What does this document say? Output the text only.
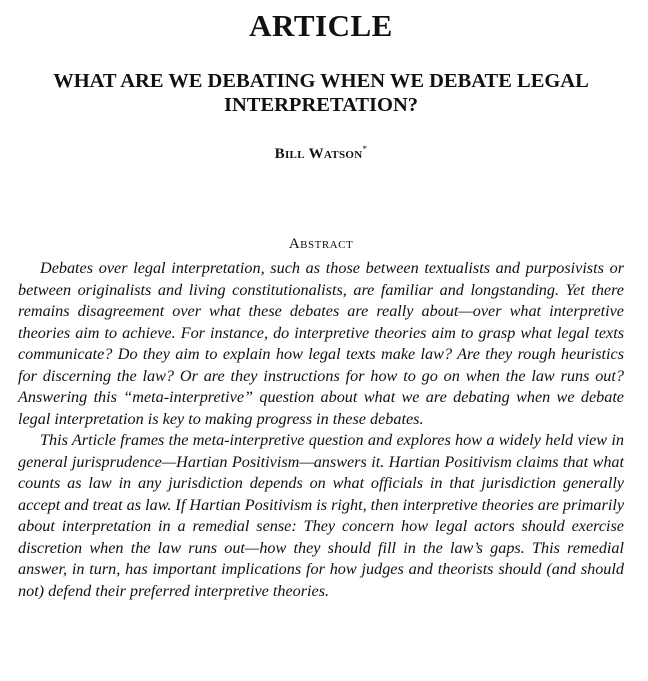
ARTICLE
WHAT ARE WE DEBATING WHEN WE DEBATE LEGAL INTERPRETATION?
Bill Watson*
Abstract

Debates over legal interpretation, such as those between textualists and purposivists or between originalists and living constitutionalists, are familiar and longstanding. Yet there remains disagreement over what these debates are really about—over what interpretive theories aim to achieve. For instance, do interpretive theories aim to grasp what legal texts communicate? Do they aim to explain how legal texts make law? Are they rough heuristics for discerning the law? Or are they instructions for how to go on when the law runs out? Answering this “meta-interpretive” question about what we are debating when we debate legal interpretation is key to making progress in these debates.

This Article frames the meta-interpretive question and explores how a widely held view in general jurisprudence—Hartian Positivism—answers it. Hartian Positivism claims that what counts as law in any jurisdiction depends on what officials in that jurisdiction generally accept and treat as law. If Hartian Positivism is right, then interpretive theories are primarily about interpretation in a remedial sense: They concern how legal actors should exercise discretion when the law runs out—how they should fill in the law’s gaps. This remedial answer, in turn, has important implications for how judges and theorists should (and should not) defend their preferred interpretive theories.
